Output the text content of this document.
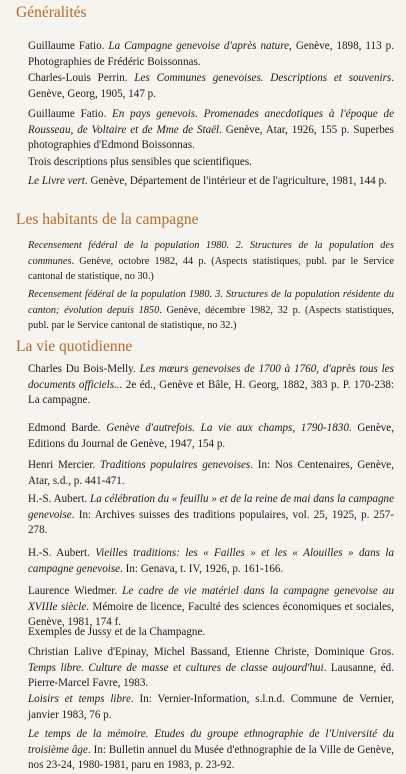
Généralités

Guillaume Fatio. La Campagne genevoise d'après nature, Genève, 1898, 113 p. Photographies de Frédéric Boissonnas.

Charles-Louis Perrin. Les Communes genevoises. Descriptions et souvenirs. Genève, Georg, 1905, 147 p.

Guillaume Fatio. En pays genevois. Promenades anecdotiques à l'époque de Rousseau, de Voltaire et de Mme de Staël. Genève, Atar, 1926, 155 p. Superbes photographies d'Edmond Boissonnas.

Trois descriptions plus sensibles que scientifiques.

Le Livre vert. Genève, Département de l'intérieur et de l'agriculture, 1981, 144 p.

Les habitants de la campagne

Recensement fédéral de la population 1980. 2. Structures de la population des communes. Genève, octobre 1982, 44 p. (Aspects statistiques, publ. par le Service cantonal de statistique, no 30.)

Recensement fédéral de la population 1980. 3. Structures de la population résidente du canton; évolution depuis 1850. Genève, décembre 1982, 32 p. (Aspects statistiques, publ. par le Service cantonal de statistique, no 32.)

La vie quotidienne

Charles Du Bois-Melly. Les mœurs genevoises de 1700 à 1760, d'après tous les documents officiels... 2e éd., Genève et Bâle, H. Georg, 1882, 383 p. P. 170-238: La campagne.

Edmond Barde. Genève d'autrefois. La vie aux champs, 1790-1830. Genève, Editions du Journal de Genève, 1947, 154 p.

Henri Mercier. Traditions populaires genevoises. In: Nos Centenaires, Genève, Atar, s.d., p. 441-471.

H.-S. Aubert. La célébration du « feuillu » et de la reine de mai dans la campagne genevoise. In: Archives suisses des traditions populaires, vol. 25, 1925, p. 257-278.

H.-S. Aubert. Vieilles traditions: les « Failles » et les « Alouilles » dans la campagne genevoise. In: Genava, t. IV, 1926, p. 161-166.

Laurence Wiedmer. Le cadre de vie matériel dans la campagne genevoise au XVIIIe siècle. Mémoire de licence, Faculté des sciences économiques et sociales, Genève, 1981, 174 f.

Exemples de Jussy et de la Champagne.

Christian Lalive d'Epinay, Michel Bassand, Etienne Christe, Dominique Gros. Temps libre. Culture de masse et cultures de classe aujourd'hui. Lausanne, éd. Pierre-Marcel Favre, 1983.

Loisirs et temps libre. In: Vernier-Information, s.l.n.d. Commune de Vernier, janvier 1983, 76 p.

Le temps de la mémoire. Etudes du groupe ethnographie de l'Université du troisième âge. In: Bulletin annuel du Musée d'ethnographie de la Ville de Genève, nos 23-24, 1980-1981, paru en 1983, p. 23-92.
